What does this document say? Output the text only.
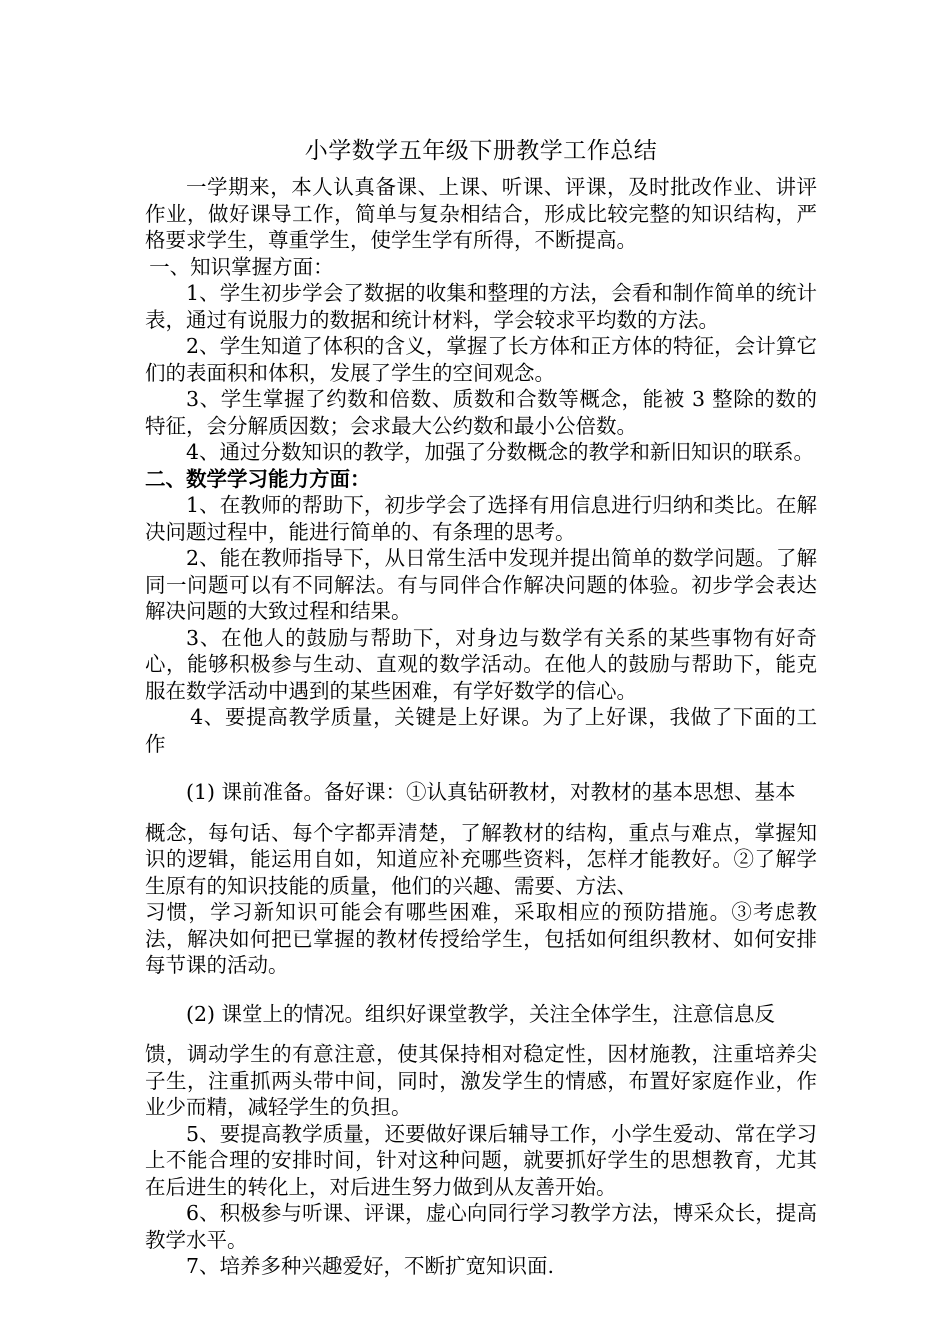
小学数学五年级下册教学工作总结

一学期来，本人认真备课、上课、听课、评课，及时批改作业、讲评作业，做好课导工作，简单与复杂相结合，形成比较完整的知识结构，严格要求学生，尊重学生，使学生学有所得，不断提高。

一、知识掌握方面：

1、学生初步学会了数据的收集和整理的方法，会看和制作简单的统计表，通过有说服力的数据和统计材料，学会较求平均数的方法。

2、学生知道了体积的含义，掌握了长方体和正方体的特征，会计算它们的表面积和体积，发展了学生的空间观念。

3、学生掌握了约数和倍数、质数和合数等概念，能被 3 整除的数的特征，会分解质因数；会求最大公约数和最小公倍数。

4、通过分数知识的教学，加强了分数概念的教学和新旧知识的联系。

二、数学学习能力方面：

1、在教师的帮助下，初步学会了选择有用信息进行归纳和类比。在解决问题过程中，能进行简单的、有条理的思考。

2、能在教师指导下，从日常生活中发现并提出简单的数学问题。了解同一问题可以有不同解法。有与同伴合作解决问题的体验。初步学会表达解决问题的大致过程和结果。

3、在他人的鼓励与帮助下，对身边与数学有关系的某些事物有好奇心，能够积极参与生动、直观的数学活动。在他人的鼓励与帮助下，能克服在数学活动中遇到的某些困难，有学好数学的信心。

4、要提高教学质量，关键是上好课。为了上好课，我做了下面的工作

(1) 课前准备。备好课：①认真钻研教材，对教材的基本思想、基本

概念，每句话、每个字都弄清楚，了解教材的结构，重点与难点，掌握知识的逻辑，能运用自如，知道应补充哪些资料，怎样才能教好。②了解学生原有的知识技能的质量，他们的兴趣、需要、方法、
习惯，学习新知识可能会有哪些困难，采取相应的预防措施。③考虑教法，解决如何把已掌握的教材传授给学生，包括如何组织教材、如何安排每节课的活动。

(2) 课堂上的情况。组织好课堂教学，关注全体学生，注意信息反

馈，调动学生的有意注意，使其保持相对稳定性，因材施教，注重培养尖子生，注重抓两头带中间，同时，激发学生的情感，布置好家庭作业，作业少而精，减轻学生的负担。

5、要提高教学质量，还要做好课后辅导工作，小学生爱动、常在学习上不能合理的安排时间，针对这种问题，就要抓好学生的思想教育，尤其在后进生的转化上，对后进生努力做到从友善开始。

6、积极参与听课、评课，虚心向同行学习教学方法，博采众长，提高教学水平。

7、培养多种兴趣爱好，不断扩宽知识面.
